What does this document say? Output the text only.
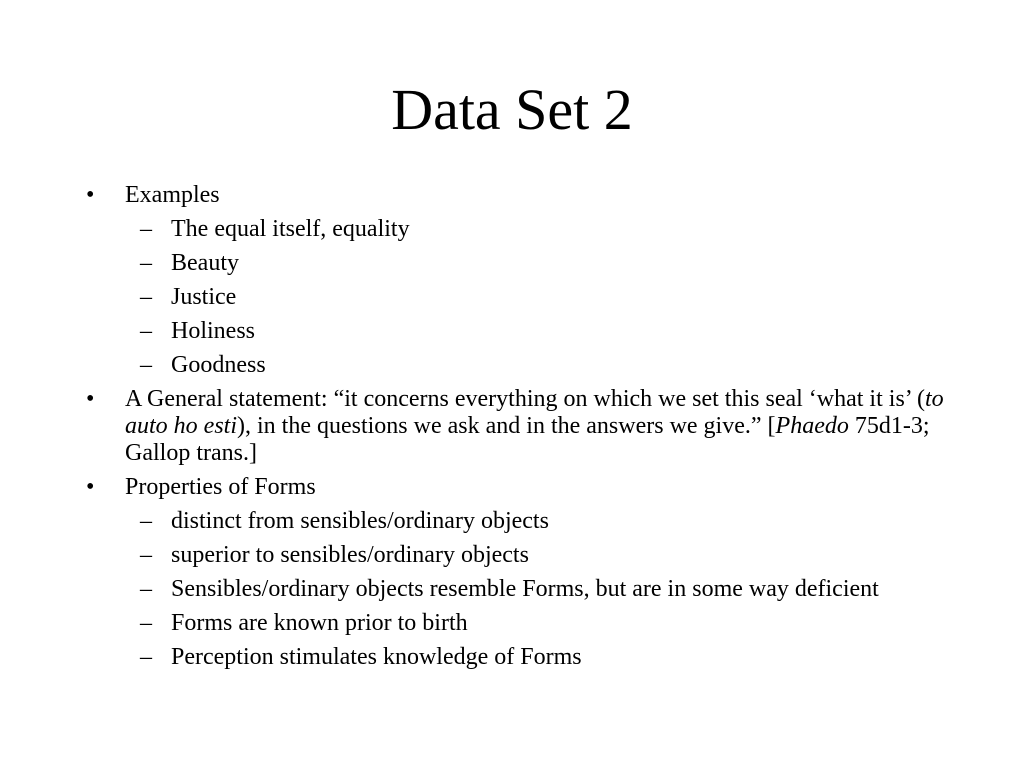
Data Set 2
• Examples
– The equal itself, equality
– Beauty
– Justice
– Holiness
– Goodness
• A General statement: “it concerns everything on which we set this seal ‘what it is’ (to auto ho esti), in the questions we ask and in the answers we give.” [Phaedo 75d1-3; Gallop trans.]
• Properties of Forms
– distinct from sensibles/ordinary objects
– superior to sensibles/ordinary objects
– Sensibles/ordinary objects resemble Forms, but are in some way deficient
– Forms are known prior to birth
– Perception stimulates knowledge of Forms
